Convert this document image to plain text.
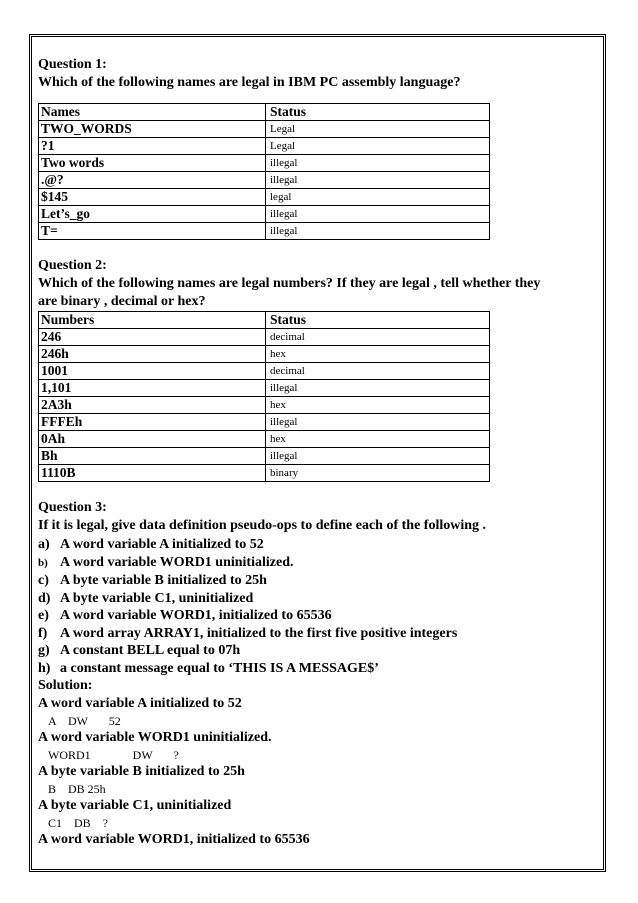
Question 1:
Which of the following names are legal in IBM PC assembly language?
Names	Status
TWO_WORDS	Legal
?1	Legal
Two words	illegal
.@?	illegal
$145	legal
Let’s_go	illegal
T=	illegal
Question 2:
Which of the following names are legal numbers? If they are legal , tell whether they
are binary , decimal or hex?
Numbers	Status
246	decimal
246h	hex
1001	decimal
1,101	illegal
2A3h	hex
FFFEh	illegal
0Ah	hex
Bh	illegal
1110B	binary
Question 3:
If it is legal, give data definition pseudo-ops to define each of the following .
a) A word variable A initialized to 52
b) A word variable WORD1 uninitialized.
c) A byte variable B initialized to 25h
d) A byte variable C1, uninitialized
e) A word variable WORD1, initialized to 65536
f) A word array ARRAY1, initialized to the first five positive integers
g) A constant BELL equal to 07h
h) a constant message equal to ‘THIS IS A MESSAGE$’
Solution:
A word variable A initialized to 52
A    DW       52
A word variable WORD1 uninitialized.
WORD1              DW       ?
A byte variable B initialized to 25h
B    DB 25h
A byte variable C1, uninitialized
C1    DB    ?
A word variable WORD1, initialized to 65536
